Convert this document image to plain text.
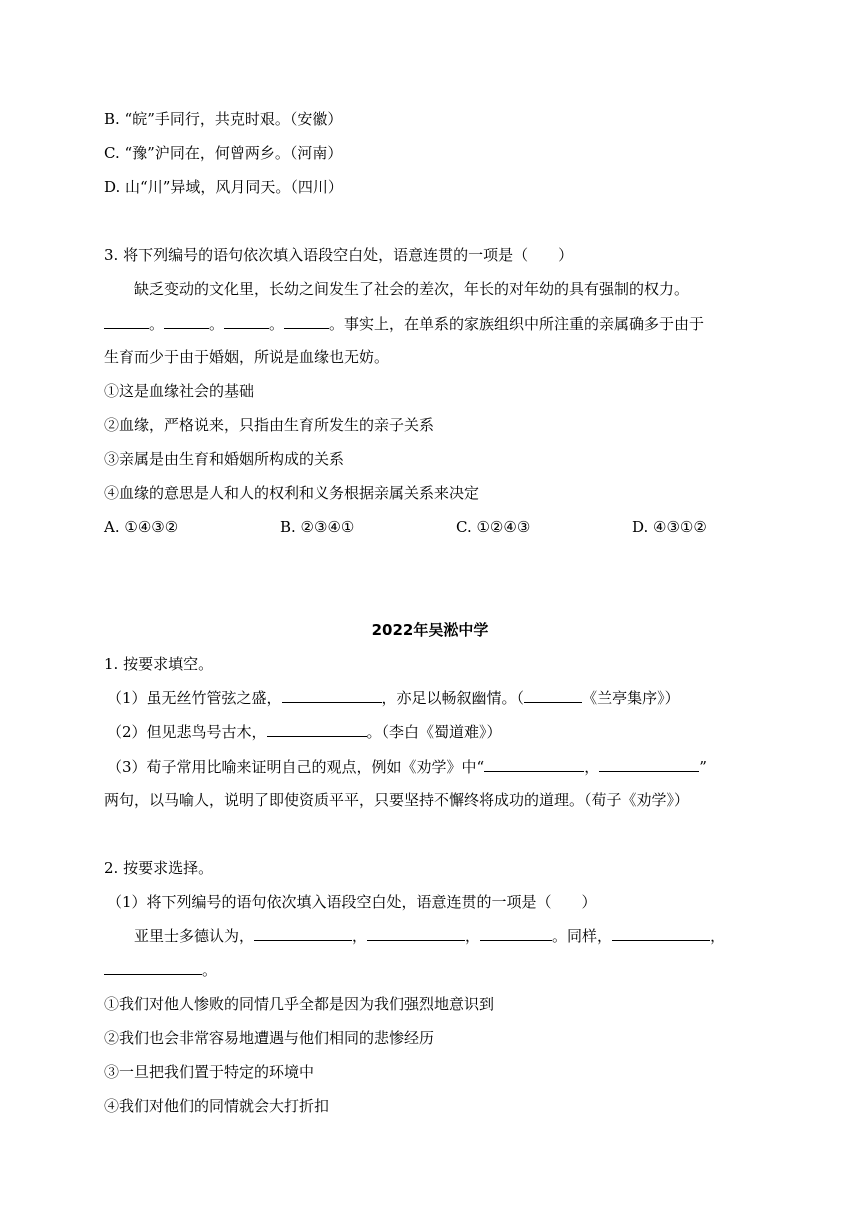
B. “皖”手同行，共克时艰。（安徽）
C. “豫”沪同在，何曾两乡。（河南）
D. 山“川”异域，风月同天。（四川）
3. 将下列编号的语句依次填入语段空白处，语意连贯的一项是（　　）
缺乏变动的文化里，长幼之间发生了社会的差次，年长的对年幼的具有强制的权力。
。	。	。	。事实上，在单系的家族组织中所注重的亲属确多于由于
生育而少于由于婚姻，所说是血缘也无妨。
①这是血缘社会的基础
②血缘，严格说来，只指由生育所发生的亲子关系
③亲属是由生育和婚姻所构成的关系
④血缘的意思是人和人的权利和义务根据亲属关系来决定
A. ①④③②	B. ②③④①	C. ①②④③	D. ④③①②
2022年吴淞中学
1. 按要求填空。
（1）虽无丝竹管弦之盛，	，亦足以畅叙幽情。（	《兰亭集序》）
（2）但见悲鸟号古木，	。（李白《蜀道难》）
（3）荀子常用比喻来证明自己的观点，例如《劝学》中“	，	”
两句，以马喻人，说明了即使资质平平，只要坚持不懈终将成功的道理。（荀子《劝学》）
2. 按要求选择。
（1）将下列编号的语句依次填入语段空白处，语意连贯的一项是（　　）
亚里士多德认为，	，	，	。同样，	，
。
①我们对他人惨败的同情几乎全都是因为我们强烈地意识到
②我们也会非常容易地遭遇与他们相同的悲惨经历
③一旦把我们置于特定的环境中
④我们对他们的同情就会大打折扣
